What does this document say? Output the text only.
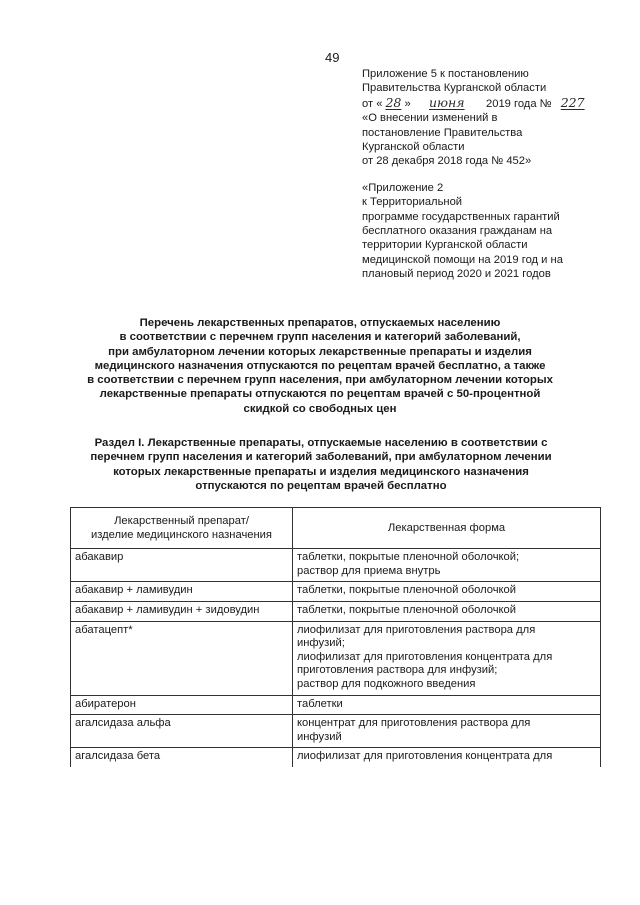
49
Приложение 5 к постановлению
Правительства Курганской области
от « 28 » июня 2019 года № 227
«О внесении изменений в
постановление Правительства
Курганской области
от 28 декабря 2018 года № 452»
«Приложение 2
к Территориальной
программе государственных гарантий
бесплатного оказания гражданам на
территории Курганской области
медицинской помощи на 2019 год и на
плановый период 2020 и 2021 годов
Перечень лекарственных препаратов, отпускаемых населению
в соответствии с перечнем групп населения и категорий заболеваний,
при амбулаторном лечении которых лекарственные препараты и изделия
медицинского назначения отпускаются по рецептам врачей бесплатно, а также
в соответствии с перечнем групп населения, при амбулаторном лечении которых
лекарственные препараты отпускаются по рецептам врачей с 50-процентной
скидкой со свободных цен
Раздел I. Лекарственные препараты, отпускаемые населению в соответствии с
перечнем групп населения и категорий заболеваний, при амбулаторном лечении
которых лекарственные препараты и изделия медицинского назначения
отпускаются по рецептам врачей бесплатно
Лекарственный препарат/
изделие медицинского назначения	Лекарственная форма

абакавир	таблетки, покрытые пленочной оболочкой;
раствор для приема внутрь

абакавир + ламивудин	таблетки, покрытые пленочной оболочкой

абакавир + ламивудин + зидовудин	таблетки, покрытые пленочной оболочкой

абатацепт*	лиофилизат для приготовления раствора для
инфузий;
лиофилизат для приготовления концентрата для
приготовления раствора для инфузий;
раствор для подкожного введения

абиратерон	таблетки

агалсидаза альфа	концентрат для приготовления раствора для
инфузий

агалсидаза бета	лиофилизат для приготовления концентрата для
